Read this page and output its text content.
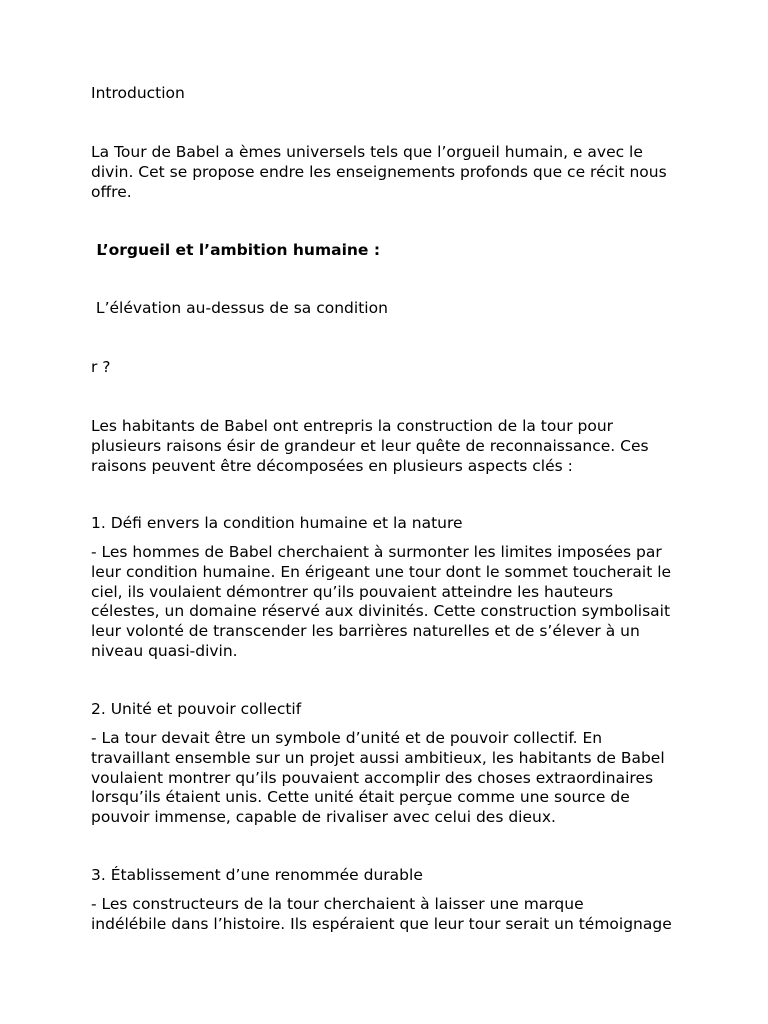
Introduction

La Tour de Babel a èmes universels tels que l’orgueil humain, e avec le
divin. Cet se propose endre les enseignements profonds que ce récit nous
offre.

L’orgueil et l’ambition humaine :

L’élévation au-dessus de sa condition

r ?

Les habitants de Babel ont entrepris la construction de la tour pour
plusieurs raisons ésir de grandeur et leur quête de reconnaissance. Ces
raisons peuvent être décomposées en plusieurs aspects clés :

1. Défi envers la condition humaine et la nature

- Les hommes de Babel cherchaient à surmonter les limites imposées par
leur condition humaine. En érigeant une tour dont le sommet toucherait le
ciel, ils voulaient démontrer qu’ils pouvaient atteindre les hauteurs
célestes, un domaine réservé aux divinités. Cette construction symbolisait
leur volonté de transcender les barrières naturelles et de s’élever à un
niveau quasi-divin.

2. Unité et pouvoir collectif

- La tour devait être un symbole d’unité et de pouvoir collectif. En
travaillant ensemble sur un projet aussi ambitieux, les habitants de Babel
voulaient montrer qu’ils pouvaient accomplir des choses extraordinaires
lorsqu’ils étaient unis. Cette unité était perçue comme une source de
pouvoir immense, capable de rivaliser avec celui des dieux.

3. Établissement d’une renommée durable

- Les constructeurs de la tour cherchaient à laisser une marque
indélébile dans l’histoire. Ils espéraient que leur tour serait un témoignage
